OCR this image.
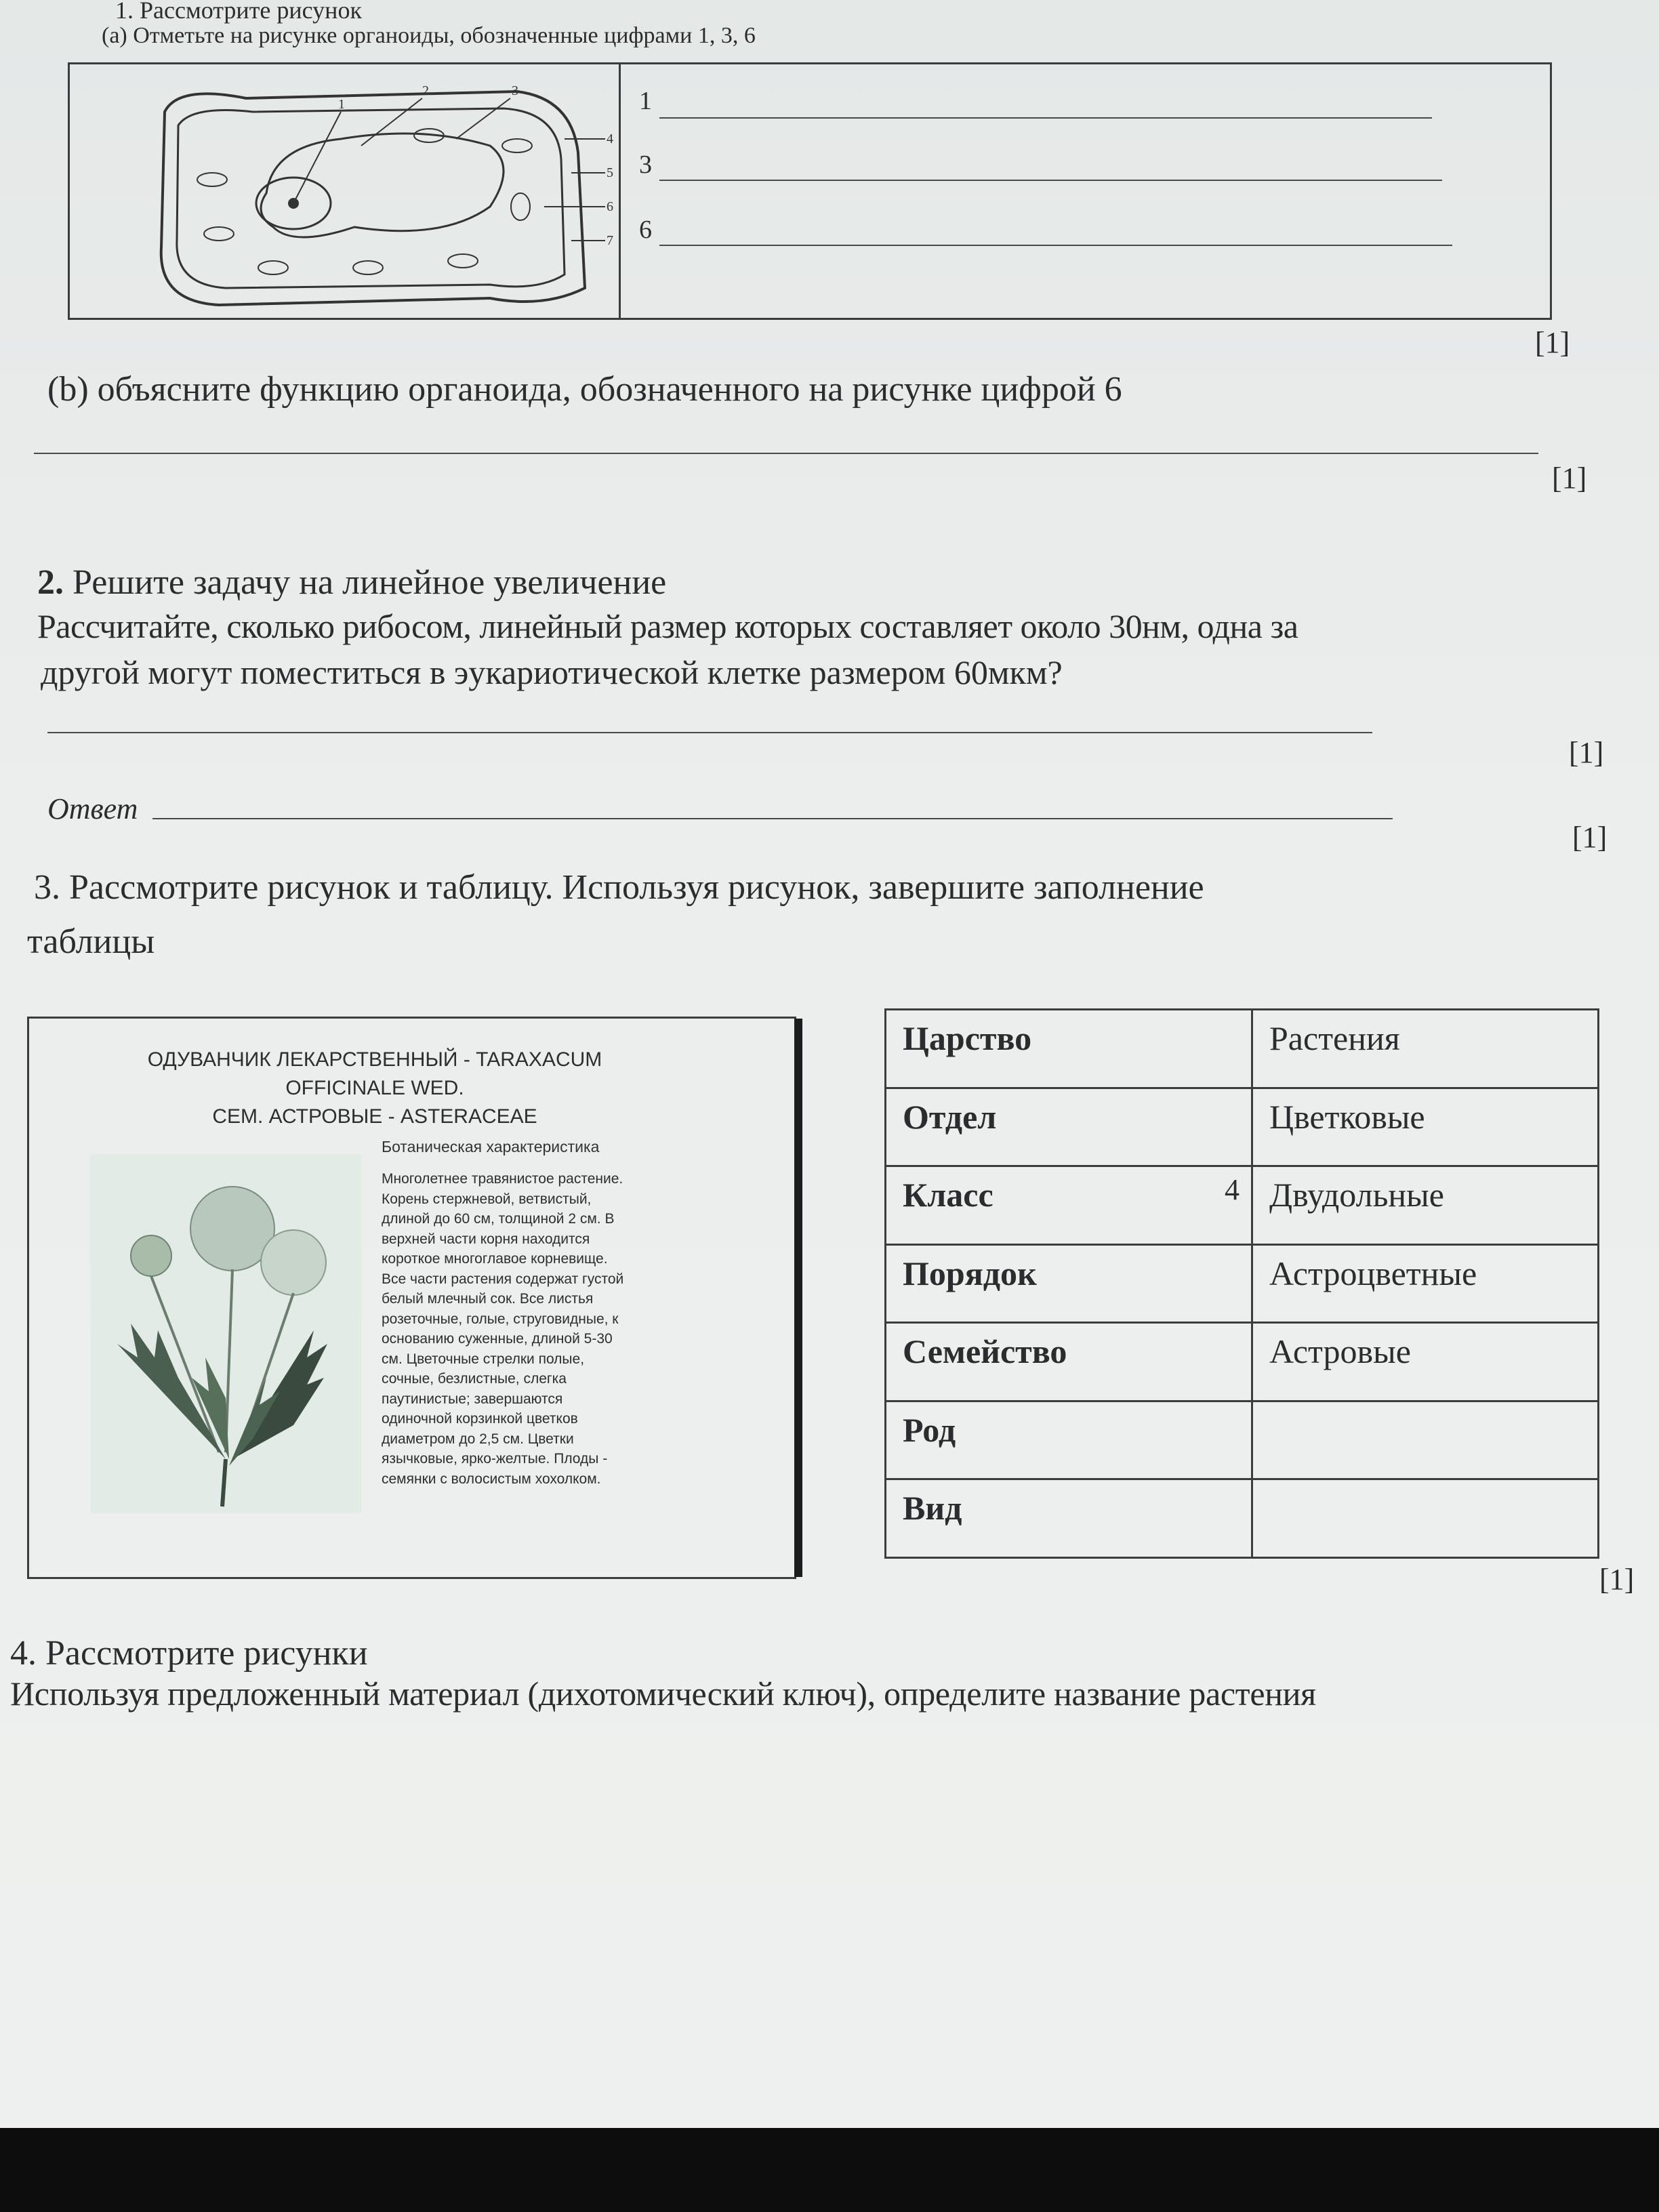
1. Рассмотрите рисунок
(a) Отметьте на рисунке органоиды, обозначенные цифрами 1, 3, 6
1
2	3
4
5
6
7
1
3
6
[1]
(b) объясните функцию органоида, обозначенного на рисунке цифрой 6
[1]
2. Решите задачу на линейное увеличение
Рассчитайте, сколько рибосом, линейный размер которых составляет около 30нм, одна за
другой могут поместиться в эукариотической клетке размером 60мкм?
[1]
Ответ
[1]
3. Рассмотрите рисунок и таблицу. Используя рисунок, завершите заполнение
таблицы
ОДУВАНЧИК ЛЕКАРСТВЕННЫЙ - TARAXACUM
OFFICINALE WED.
СЕМ. АСТРОВЫЕ - ASTERACEAE
Ботаническая характеристика
Многолетнее травянистое растение.
Корень стержневой, ветвистый,
длиной до 60 см, толщиной 2 см. В
верхней части корня находится
короткое многоглавое корневище.
Все части растения содержат густой
белый млечный сок. Все листья
розеточные, голые, струговидные, к
основанию суженные, длиной 5-30
см. Цветочные стрелки полые,
сочные, безлистные, слегка
паутинистые; завершаются
одиночной корзинкой цветков
диаметром до 2,5 см. Цветки
язычковые, ярко-желтые. Плоды -
семянки с волосистым хохолком.
Царство	Растения
Отдел	Цветковые
Класс	4 Двудольные
Порядок	Астроцветные
Семейство	Астровые
Род	
Вид	
[1]
4. Рассмотрите рисунки
Используя предложенный материал (дихотомический ключ), определите название растения
